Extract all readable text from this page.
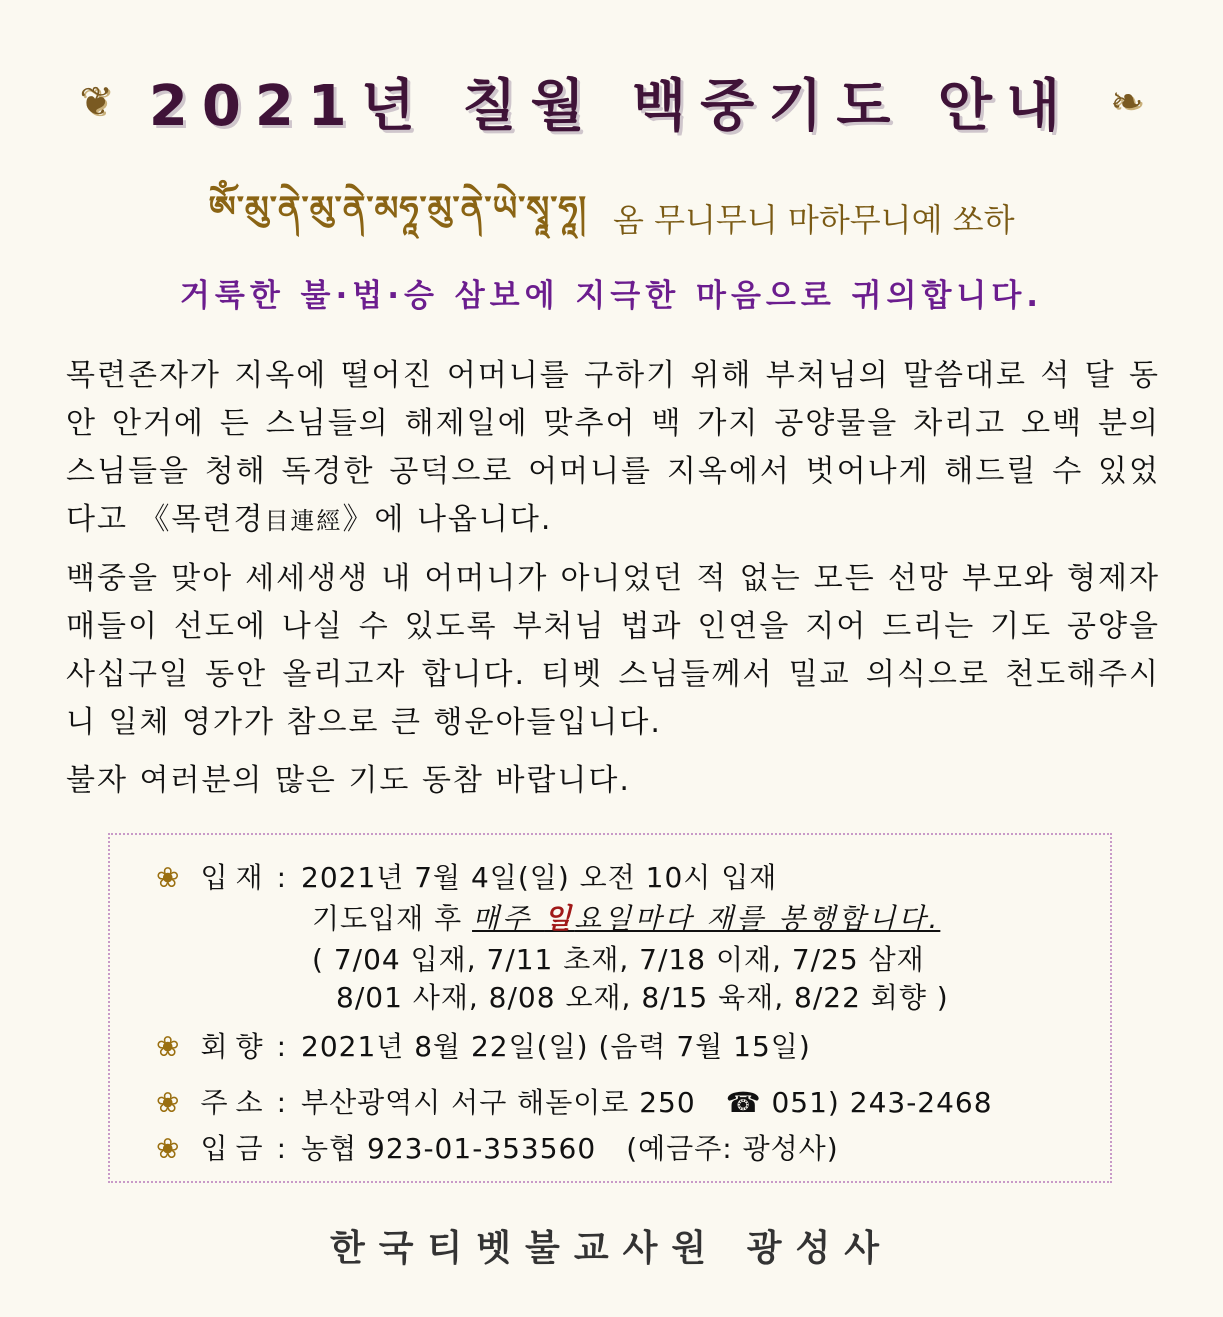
❦ 2021년 칠월 백중기도 안내 ❧
ཨོཾ་མུ་ནེ་མུ་ནེ་མཧཱ་མུ་ནེ་ཡེ་སྭཱ་ཧཱ། 옴 무니무니 마하무니예 쏘하
거룩한 불·법·승 삼보에 지극한 마음으로 귀의합니다.

목련존자가 지옥에 떨어진 어머니를 구하기 위해 부처님의 말씀대로 석 달 동안 안거에 든 스님들의 해제일에 맞추어 백 가지 공양물을 차리고 오백 분의 스님들을 청해 독경한 공덕으로 어머니를 지옥에서 벗어나게 해드릴 수 있었다고 《목련경目連經》에 나옵니다.

백중을 맞아 세세생생 내 어머니가 아니었던 적 없는 모든 선망 부모와 형제자매들이 선도에 나실 수 있도록 부처님 법과 인연을 지어 드리는 기도 공양을 사십구일 동안 올리고자 합니다. 티벳 스님들께서 밀교 의식으로 천도해주시니 일체 영가가 참으로 큰 행운아들입니다.

불자 여러분의 많은 기도 동참 바랍니다.

❀ 입재 : 2021년 7월 4일(일) 오전 10시 입재
기도입재 후 매주 일요일마다 재를 봉행합니다.
( 7/04 입재, 7/11 초재, 7/18 이재, 7/25 삼재
8/01 사재, 8/08 오재, 8/15 육재, 8/22 회향 )
❀ 회향 : 2021년 8월 22일(일) (음력 7월 15일)
❀ 주소 : 부산광역시 서구 해돋이로 250 ☎ 051) 243-2468
❀ 입금 : 농협 923-01-353560 (예금주: 광성사)
한국티벳불교사원 광성사
